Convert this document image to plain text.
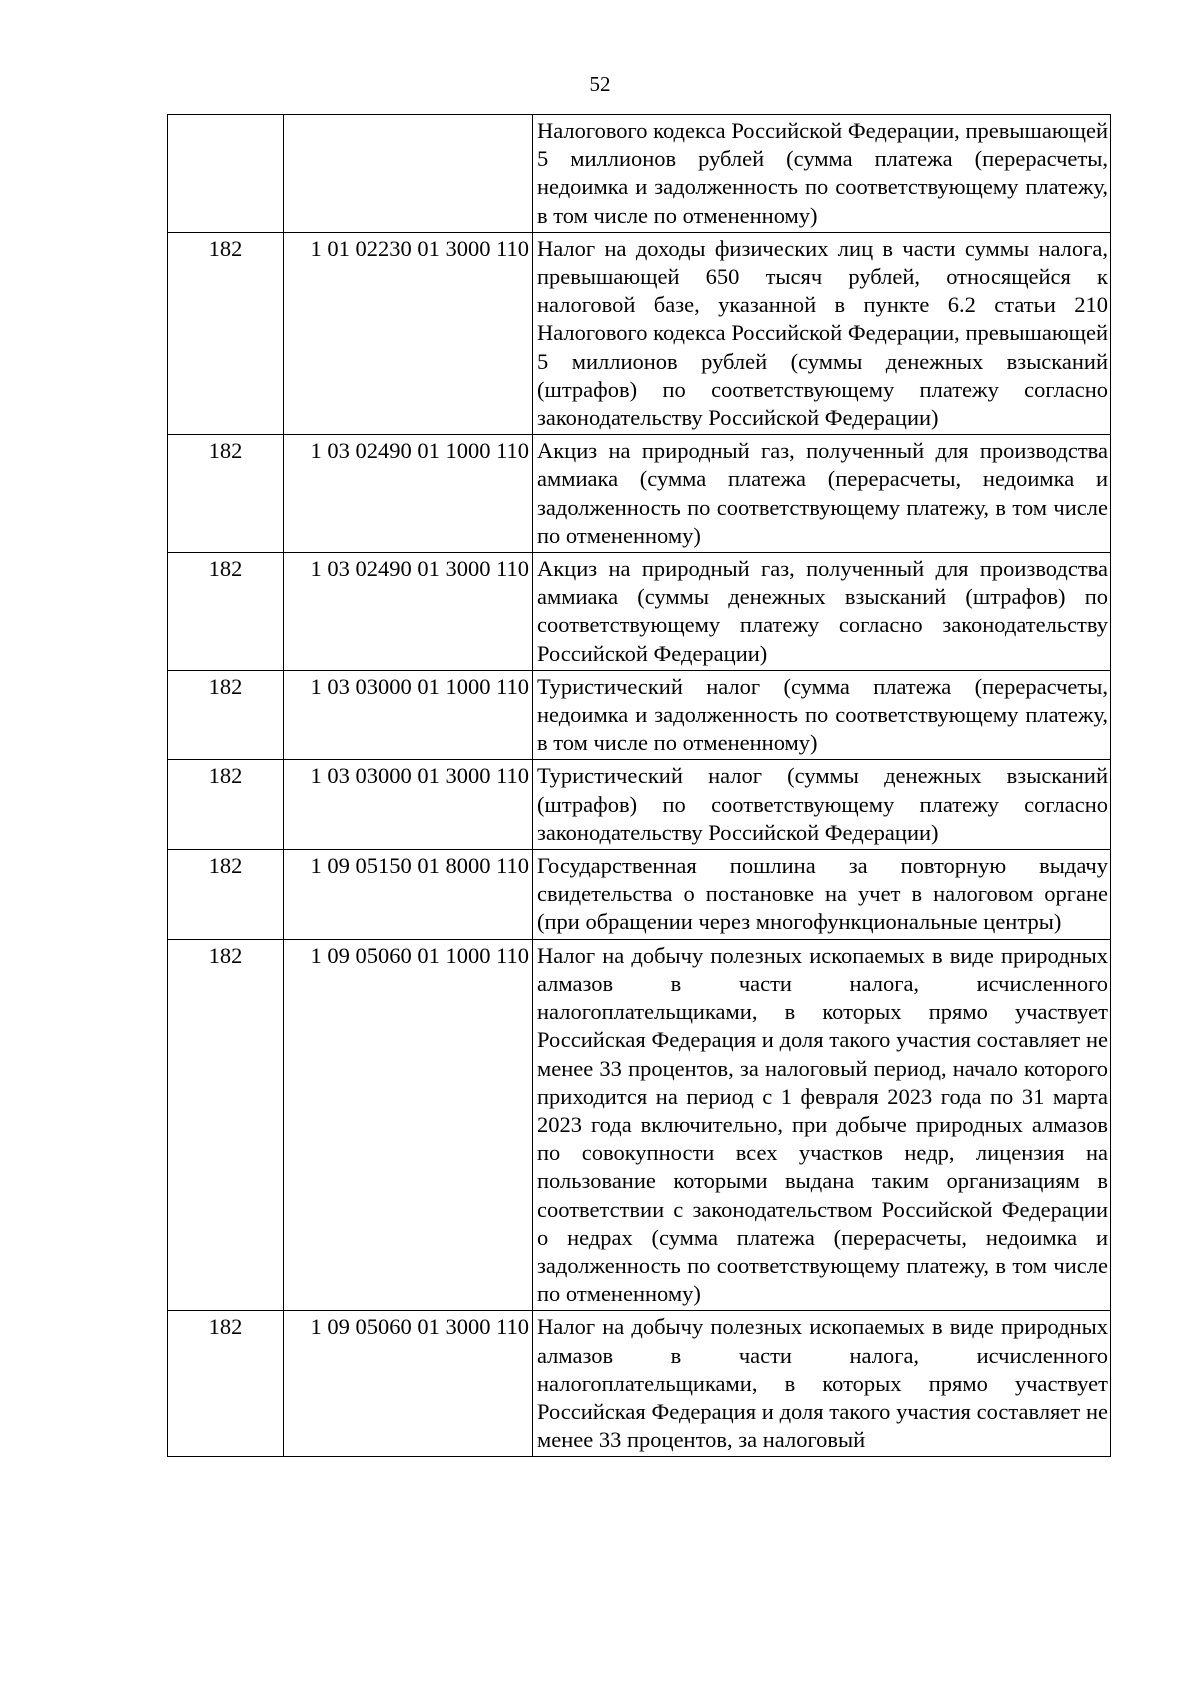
52
		Налогового кодекса Российской Федерации, превышающей 5 миллионов рублей (сумма платежа (перерасчеты, недоимка и задолженность по соответствующему платежу, в том числе по отмененному)
182	1 01 02230 01 3000 110	Налог на доходы физических лиц в части суммы налога, превышающей 650 тысяч рублей, относящейся к налоговой базе, указанной в пункте 6.2 статьи 210 Налогового кодекса Российской Федерации, превышающей 5 миллионов рублей (суммы денежных взысканий (штрафов) по соответствующему платежу согласно законодательству Российской Федерации)
182	1 03 02490 01 1000 110	Акциз на природный газ, полученный для производства аммиака (сумма платежа (перерасчеты, недоимка и задолженность по соответствующему платежу, в том числе по отмененному)
182	1 03 02490 01 3000 110	Акциз на природный газ, полученный для производства аммиака (суммы денежных взысканий (штрафов) по соответствующему платежу согласно законодательству Российской Федерации)
182	1 03 03000 01 1000 110	Туристический налог (сумма платежа (перерасчеты, недоимка и задолженность по соответствующему платежу, в том числе по отмененному)
182	1 03 03000 01 3000 110	Туристический налог (суммы денежных взысканий (штрафов) по соответствующему платежу согласно законодательству Российской Федерации)
182	1 09 05150 01 8000 110	Государственная пошлина за повторную выдачу свидетельства о постановке на учет в налоговом органе (при обращении через многофункциональные центры)
182	1 09 05060 01 1000 110	Налог на добычу полезных ископаемых в виде природных алмазов в части налога, исчисленного налогоплательщиками, в которых прямо участвует Российская Федерация и доля такого участия составляет не менее 33 процентов, за налоговый период, начало которого приходится на период с 1 февраля 2023 года по 31 марта 2023 года включительно, при добыче природных алмазов по совокупности всех участков недр, лицензия на пользование которыми выдана таким организациям в соответствии с законодательством Российской Федерации о недрах (сумма платежа (перерасчеты, недоимка и задолженность по соответствующему платежу, в том числе по отмененному)
182	1 09 05060 01 3000 110	Налог на добычу полезных ископаемых в виде природных алмазов в части налога, исчисленного налогоплательщиками, в которых прямо участвует Российская Федерация и доля такого участия составляет не менее 33 процентов, за налоговый
